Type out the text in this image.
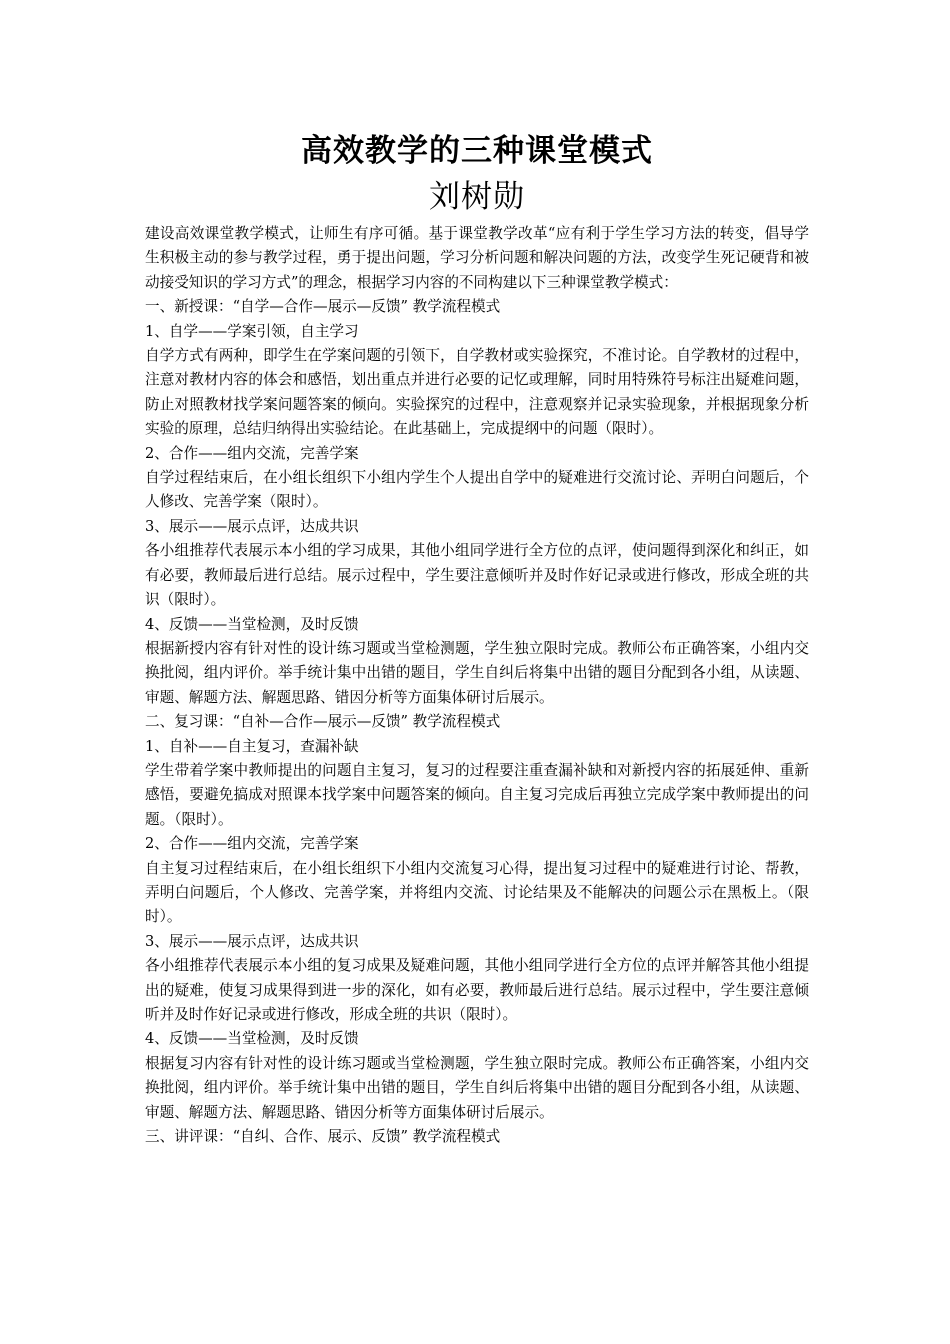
高效教学的三种课堂模式
刘树勋

建设高效课堂教学模式，让师生有序可循。基于课堂教学改革“应有利于学生学习方法的转变，倡导学生积极主动的参与教学过程，勇于提出问题，学习分析问题和解决问题的方法，改变学生死记硬背和被动接受知识的学习方式”的理念，根据学习内容的不同构建以下三种课堂教学模式：

一、新授课：“自学—合作—展示—反馈” 教学流程模式

1、自学——学案引领，自主学习

自学方式有两种，即学生在学案问题的引领下，自学教材或实验探究，不准讨论。自学教材的过程中，注意对教材内容的体会和感悟，划出重点并进行必要的记忆或理解，同时用特殊符号标注出疑难问题，防止对照教材找学案问题答案的倾向。实验探究的过程中，注意观察并记录实验现象，并根据现象分析实验的原理，总结归纳得出实验结论。在此基础上，完成提纲中的问题（限时）。

2、合作——组内交流，完善学案

自学过程结束后，在小组长组织下小组内学生个人提出自学中的疑难进行交流讨论、弄明白问题后，个人修改、完善学案（限时）。

3、展示——展示点评，达成共识

各小组推荐代表展示本小组的学习成果，其他小组同学进行全方位的点评，使问题得到深化和纠正，如有必要，教师最后进行总结。展示过程中，学生要注意倾听并及时作好记录或进行修改，形成全班的共识（限时）。

4、反馈——当堂检测，及时反馈

根据新授内容有针对性的设计练习题或当堂检测题，学生独立限时完成。教师公布正确答案，小组内交换批阅，组内评价。举手统计集中出错的题目，学生自纠后将集中出错的题目分配到各小组，从读题、审题、解题方法、解题思路、错因分析等方面集体研讨后展示。

二、复习课：“自补—合作—展示—反馈” 教学流程模式

1、自补——自主复习，查漏补缺

学生带着学案中教师提出的问题自主复习，复习的过程要注重查漏补缺和对新授内容的拓展延伸、重新感悟，要避免搞成对照课本找学案中问题答案的倾向。自主复习完成后再独立完成学案中教师提出的问题。（限时）。

2、合作——组内交流，完善学案

自主复习过程结束后，在小组长组织下小组内交流复习心得，提出复习过程中的疑难进行讨论、帮教，弄明白问题后，个人修改、完善学案，并将组内交流、讨论结果及不能解决的问题公示在黑板上。（限时）。

3、展示——展示点评，达成共识

各小组推荐代表展示本小组的复习成果及疑难问题，其他小组同学进行全方位的点评并解答其他小组提出的疑难，使复习成果得到进一步的深化，如有必要，教师最后进行总结。展示过程中，学生要注意倾听并及时作好记录或进行修改，形成全班的共识（限时）。

4、反馈——当堂检测，及时反馈

根据复习内容有针对性的设计练习题或当堂检测题，学生独立限时完成。教师公布正确答案，小组内交换批阅，组内评价。举手统计集中出错的题目，学生自纠后将集中出错的题目分配到各小组，从读题、审题、解题方法、解题思路、错因分析等方面集体研讨后展示。

三、讲评课：“自纠、合作、展示、反馈” 教学流程模式
